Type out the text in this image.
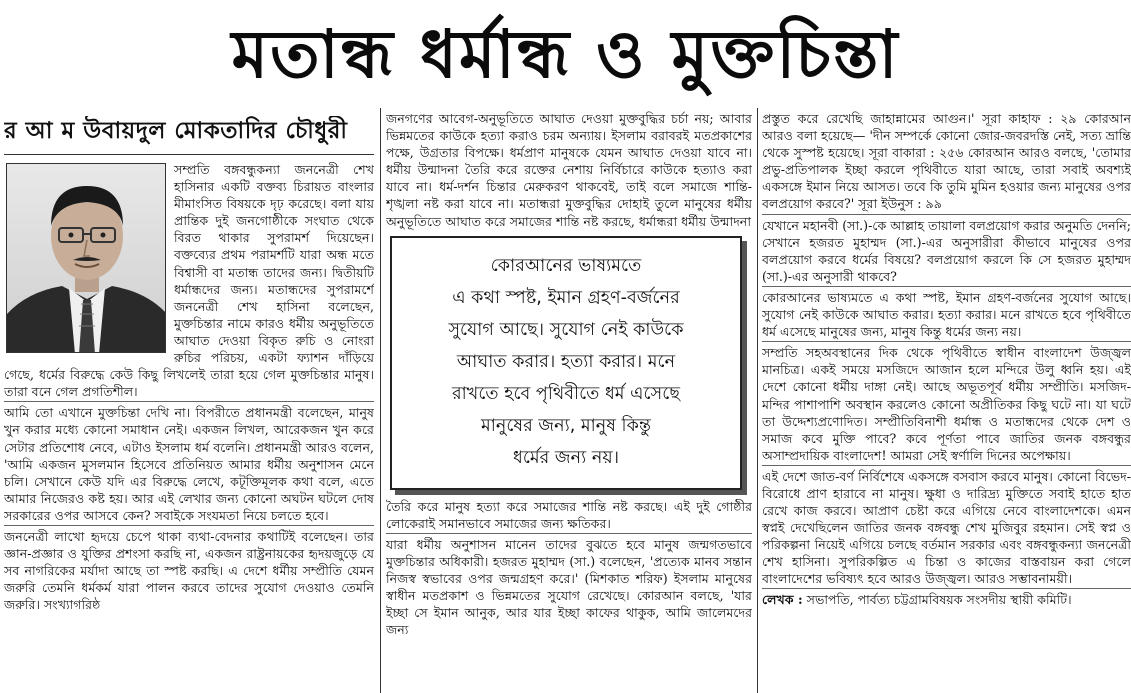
মতান্ধ ধর্মান্ধ ও মুক্তচিন্তা
র আ ম উবায়দুল মোকতাদির চৌধুরী
সম্প্রতি বঙ্গবন্ধুকন্যা জননেত্রী শেখ হাসিনার একটি বক্তব্য চিরায়ত বাংলার মীমাংসিত বিষয়কে দৃঢ় করেছে। বলা যায় প্রান্তিক দুই জনগোষ্ঠীকে সংঘাত থেকে বিরত থাকার সুপরামর্শ দিয়েছেন। বক্তব্যের প্রথম পরামর্শটি যারা অন্ধ মতে বিশ্বাসী বা মতান্ধ তাদের জন্য। দ্বিতীয়টি ধর্মান্ধদের জন্য। মতান্ধদের সুপরামর্শে জননেত্রী শেখ হাসিনা বলেছেন, মুক্তচিন্তার নামে কারও ধর্মীয় অনুভূতিতে আঘাত দেওয়া বিকৃত রুচি ও নোংরা রুচির পরিচয়, একটা ফ্যাশন দাঁড়িয়ে গেছে, ধর্মের বিরুদ্ধে কেউ কিছু লিখলেই তারা হয়ে গেল মুক্তচিন্তার মানুষ। তারা বনে গেল প্রগতিশীল।
আমি তো এখানে মুক্তচিন্তা দেখি না। বিপরীতে প্রধানমন্ত্রী বলেছেন, মানুষ খুন করার মধ্যে কোনো সমাধান নেই। একজন লিখল, আরেকজন খুন করে সেটার প্রতিশোধ নেবে, এটাও ইসলাম ধর্ম বলেনি। প্রধানমন্ত্রী আরও বলেন, 'আমি একজন মুসলমান হিসেবে প্রতিনিয়ত আমার ধর্মীয় অনুশাসন মেনে চলি। সেখানে কেউ যদি এর বিরুদ্ধে লেখে, কটূক্তিমূলক কথা বলে, এতে আমার নিজেরও কষ্ট হয়। আর এই লেখার জন্য কোনো অঘটন ঘটলে দোষ সরকারের ওপর আসবে কেন? সবাইকে সংযমতা নিয়ে চলতে হবে।
জননেত্রী লাখো হৃদয়ে চেপে থাকা ব্যথা-বেদনার কথাটিই বলেছেন। তার জ্ঞান-প্রজ্ঞার ও যুক্তির প্রশংসা করছি না, একজন রাষ্ট্রনায়কের হৃদয়জুড়ে যে সব নাগরিকের মর্যাদা আছে তা স্পষ্ট করছি। এ দেশে ধর্মীয় সম্প্রীতি যেমন জরুরি তেমনি ধর্মকর্ম যারা পালন করবে তাদের সুযোগ দেওয়াও তেমনি জরুরি। সংখ্যাগরিষ্ঠ
জনগণের আবেগ-অনুভূতিতে আঘাত দেওয়া মুক্তবুদ্ধির চর্চা নয়; আবার ভিন্নমতের কাউকে হত্যা করাও চরম অন্যায়। ইসলাম বরাবরই মতপ্রকাশের পক্ষে, উগ্রতার বিপক্ষে। ধর্মপ্রাণ মানুষকে যেমন আঘাত দেওয়া যাবে না। ধর্মীয় উন্মাদনা তৈরি করে রক্তের নেশায় নির্বিচারে কাউকে হত্যাও করা যাবে না। ধর্ম-দর্শন চিন্তার মেরুকরণ থাকবেই, তাই বলে সমাজে শান্তি-শৃঙ্খলা নষ্ট করা যাবে না। মতান্ধরা মুক্তবুদ্ধির দোহাই তুলে মানুষের ধর্মীয় অনুভূতিতে আঘাত করে সমাজের শান্তি নষ্ট করছে, ধর্মান্ধরা ধর্মীয় উন্মাদনা
কোরআনের ভাষ্যমতে
এ কথা স্পষ্ট, ইমান গ্রহণ-বর্জনের
সুযোগ আছে। সুযোগ নেই কাউকে
আঘাত করার। হত্যা করার। মনে
রাখতে হবে পৃথিবীতে ধর্ম এসেছে
মানুষের জন্য, মানুষ কিন্তু
ধর্মের জন্য নয়।
তৈরি করে মানুষ হত্যা করে সমাজের শান্তি নষ্ট করছে। এই দুই গোষ্ঠীর লোকেরাই সমানভাবে সমাজের জন্য ক্ষতিকর।
যারা ধর্মীয় অনুশাসন মানেন তাদের বুঝতে হবে মানুষ জন্মগতভাবে মুক্তচিন্তার অধিকারী। হজরত মুহাম্মদ (সা.) বলেছেন, 'প্রত্যেক মানব সন্তান নিজস্ব স্বভাবের ওপর জন্মগ্রহণ করে।' (মিশকাত শরিফ) ইসলাম মানুষের স্বাধীন মতপ্রকাশ ও ভিন্নমতের সুযোগ রেখেছে। কোরআন বলছে, 'যার ইচ্ছা সে ইমান আনুক, আর যার ইচ্ছা কাফের থাকুক, আমি জালেমদের জন্য
প্রস্তুত করে রেখেছি জাহান্নামের আগুন।' সূরা কাহাফ : ২৯ কোরআন আরও বলা হয়েছে— 'দীন সম্পর্কে কোনো জোর-জবরদস্তি নেই, সত্য ভ্রান্তি থেকে সুস্পষ্ট হয়েছে। সূরা বাকারা : ২৫৬ কোরআন আরও বলছে, 'তোমার প্রভু-প্রতিপালক ইচ্ছা করলে পৃথিবীতে যারা আছে, তারা সবাই অবশ্যই একসঙ্গে ইমান নিয়ে আসত। তবে কি তুমি মুমিন হওয়ার জন্য মানুষের ওপর বলপ্রয়োগ করবে?' সূরা ইউনুস : ৯৯
যেখানে মহানবী (সা.)-কে আল্লাহ তায়ালা বলপ্রয়োগ করার অনুমতি দেননি; সেখানে হজরত মুহাম্মদ (সা.)-এর অনুসারীরা কীভাবে মানুষের ওপর বলপ্রয়োগ করবে ধর্মের বিষয়ে? বলপ্রয়োগ করলে কি সে হজরত মুহাম্মদ (সা.)-এর অনুসারী থাকবে?
কোরআনের ভাষ্যমতে এ কথা স্পষ্ট, ইমান গ্রহণ-বর্জনের সুযোগ আছে। সুযোগ নেই কাউকে আঘাত করার। হত্যা করার। মনে রাখতে হবে পৃথিবীতে ধর্ম এসেছে মানুষের জন্য, মানুষ কিন্তু ধর্মের জন্য নয়।
সম্প্রতি সহঅবস্থানের দিক থেকে পৃথিবীতে স্বাধীন বাংলাদেশ উজ্জ্বল মানচিত্র। একই সময়ে মসজিদে আজান হলে মন্দিরে উলু ধ্বনি হয়। এই দেশে কোনো ধর্মীয় দাঙ্গা নেই। আছে অভূতপূর্ব ধর্মীয় সম্প্রীতি। মসজিদ-মন্দির পাশাপাশি অবস্থান করলেও কোনো অপ্রীতিকর কিছু ঘটে না। যা ঘটে তা উদ্দেশ্যপ্রণোদিত। সম্প্রীতিবিনাশী ধর্মান্ধ ও মতান্ধদের থেকে দেশ ও সমাজ কবে মুক্তি পাবে? কবে পূর্ণতা পাবে জাতির জনক বঙ্গবন্ধুর অসাম্প্রদায়িক বাংলাদেশ! আমরা সেই স্বর্ণালি দিনের অপেক্ষায়।
এই দেশে জাত-বর্ণ নির্বিশেষে একসঙ্গে বসবাস করবে মানুষ। কোনো বিভেদ-বিরোধে প্রাণ হারাবে না মানুষ। ক্ষুধা ও দারিদ্র্য মুক্তিতে সবাই হাতে হাত রেখে কাজ করবে। আপ্রাণ চেষ্টা করে এগিয়ে নেবে বাংলাদেশকে। এমন স্বপ্নই দেখেছিলেন জাতির জনক বঙ্গবন্ধু শেখ মুজিবুর রহমান। সেই স্বপ্ন ও পরিকল্পনা নিয়েই এগিয়ে চলছে বর্তমান সরকার এবং বঙ্গবন্ধুকন্যা জননেত্রী শেখ হাসিনা। সুপরিকল্পিত এ চিন্তা ও কাজের বাস্তবায়ন করা গেলে বাংলাদেশের ভবিষ্যৎ হবে আরও উজ্জ্বল। আরও সম্ভাবনাময়ী।
লেখক : সভাপতি, পার্বত্য চট্টগ্রামবিষয়ক সংসদীয় স্থায়ী কমিটি।
